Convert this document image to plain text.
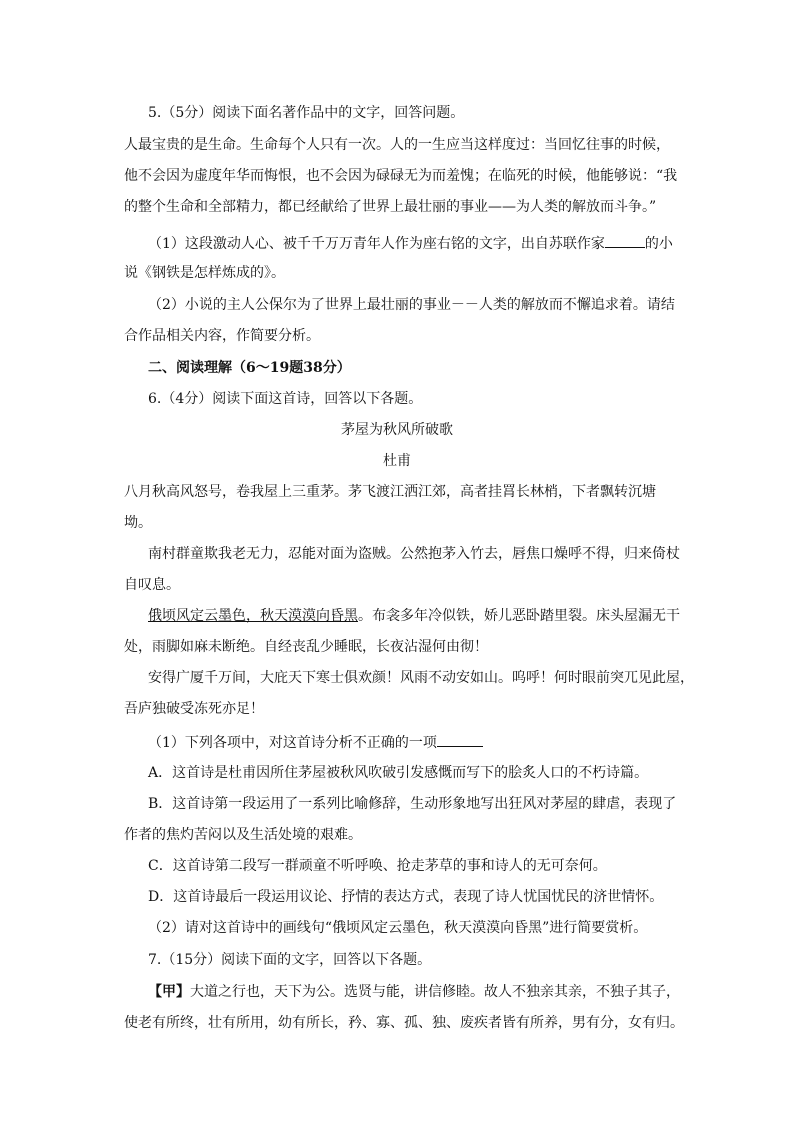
5.（5分）阅读下面名著作品中的文字，回答问题。
人最宝贵的是生命。生命每个人只有一次。人的一生应当这样度过：当回忆往事的时候，
他不会因为虚度年华而悔恨，也不会因为碌碌无为而羞愧；在临死的时候，他能够说：“我
的整个生命和全部精力，都已经献给了世界上最壮丽的事业——为人类的解放而斗争。”
（1）这段激动人心、被千千万万青年人作为座右铭的文字，出自苏联作家	的小
说《钢铁是怎样炼成的》。
（2）小说的主人公保尔为了世界上最壮丽的事业－－人类的解放而不懈追求着。请结
合作品相关内容，作简要分析。
二、阅读理解（6～19题38分）
6.（4分）阅读下面这首诗，回答以下各题。
茅屋为秋风所破歌
杜甫
八月秋高风怒号，卷我屋上三重茅。茅飞渡江洒江郊，高者挂罥长林梢，下者飘转沉塘
坳。
南村群童欺我老无力，忍能对面为盗贼。公然抱茅入竹去，唇焦口燥呼不得，归来倚杖
自叹息。
俄顷风定云墨色，秋天漠漠向昏黑。布衾多年冷似铁，娇儿恶卧踏里裂。床头屋漏无干
处，雨脚如麻未断绝。自经丧乱少睡眠，长夜沾湿何由彻！
安得广厦千万间，大庇天下寒士俱欢颜！风雨不动安如山。呜呼！何时眼前突兀见此屋，
吾庐独破受冻死亦足！
（1）下列各项中，对这首诗分析不正确的一项
A．这首诗是杜甫因所住茅屋被秋风吹破引发感慨而写下的脍炙人口的不朽诗篇。
B．这首诗第一段运用了一系列比喻修辞，生动形象地写出狂风对茅屋的肆虐，表现了
作者的焦灼苦闷以及生活处境的艰难。
C．这首诗第二段写一群顽童不听呼唤、抢走茅草的事和诗人的无可奈何。
D．这首诗最后一段运用议论、抒情的表达方式，表现了诗人忧国忧民的济世情怀。
（2）请对这首诗中的画线句“俄顷风定云墨色，秋天漠漠向昏黑”进行简要赏析。
7.（15分）阅读下面的文字，回答以下各题。
【甲】大道之行也，天下为公。选贤与能，讲信修睦。故人不独亲其亲，不独子其子，
使老有所终，壮有所用，幼有所长，矜、寡、孤、独、废疾者皆有所养，男有分，女有归。
